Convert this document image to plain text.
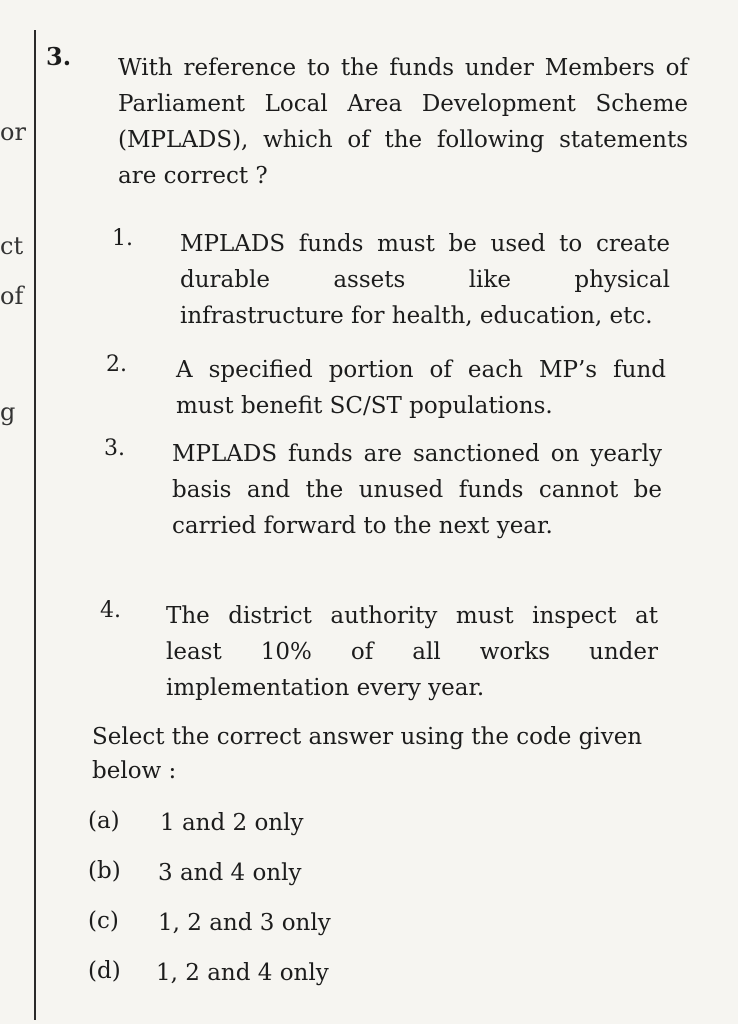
or
ct
of
g
3. With reference to the funds under Members of Parliament Local Area Development Scheme (MPLADS), which of the following statements are correct ?
1. MPLADS funds must be used to create durable assets like physical infrastructure for health, education, etc.
2. A specified portion of each MP’s fund must benefit SC/ST populations.
3. MPLADS funds are sanctioned on yearly basis and the unused funds cannot be carried forward to the next year.
4. The district authority must inspect at least 10% of all works under implementation every year.
Select the correct answer using the code given below :
(a) 1 and 2 only
(b) 3 and 4 only
(c) 1, 2 and 3 only
(d) 1, 2 and 4 only
